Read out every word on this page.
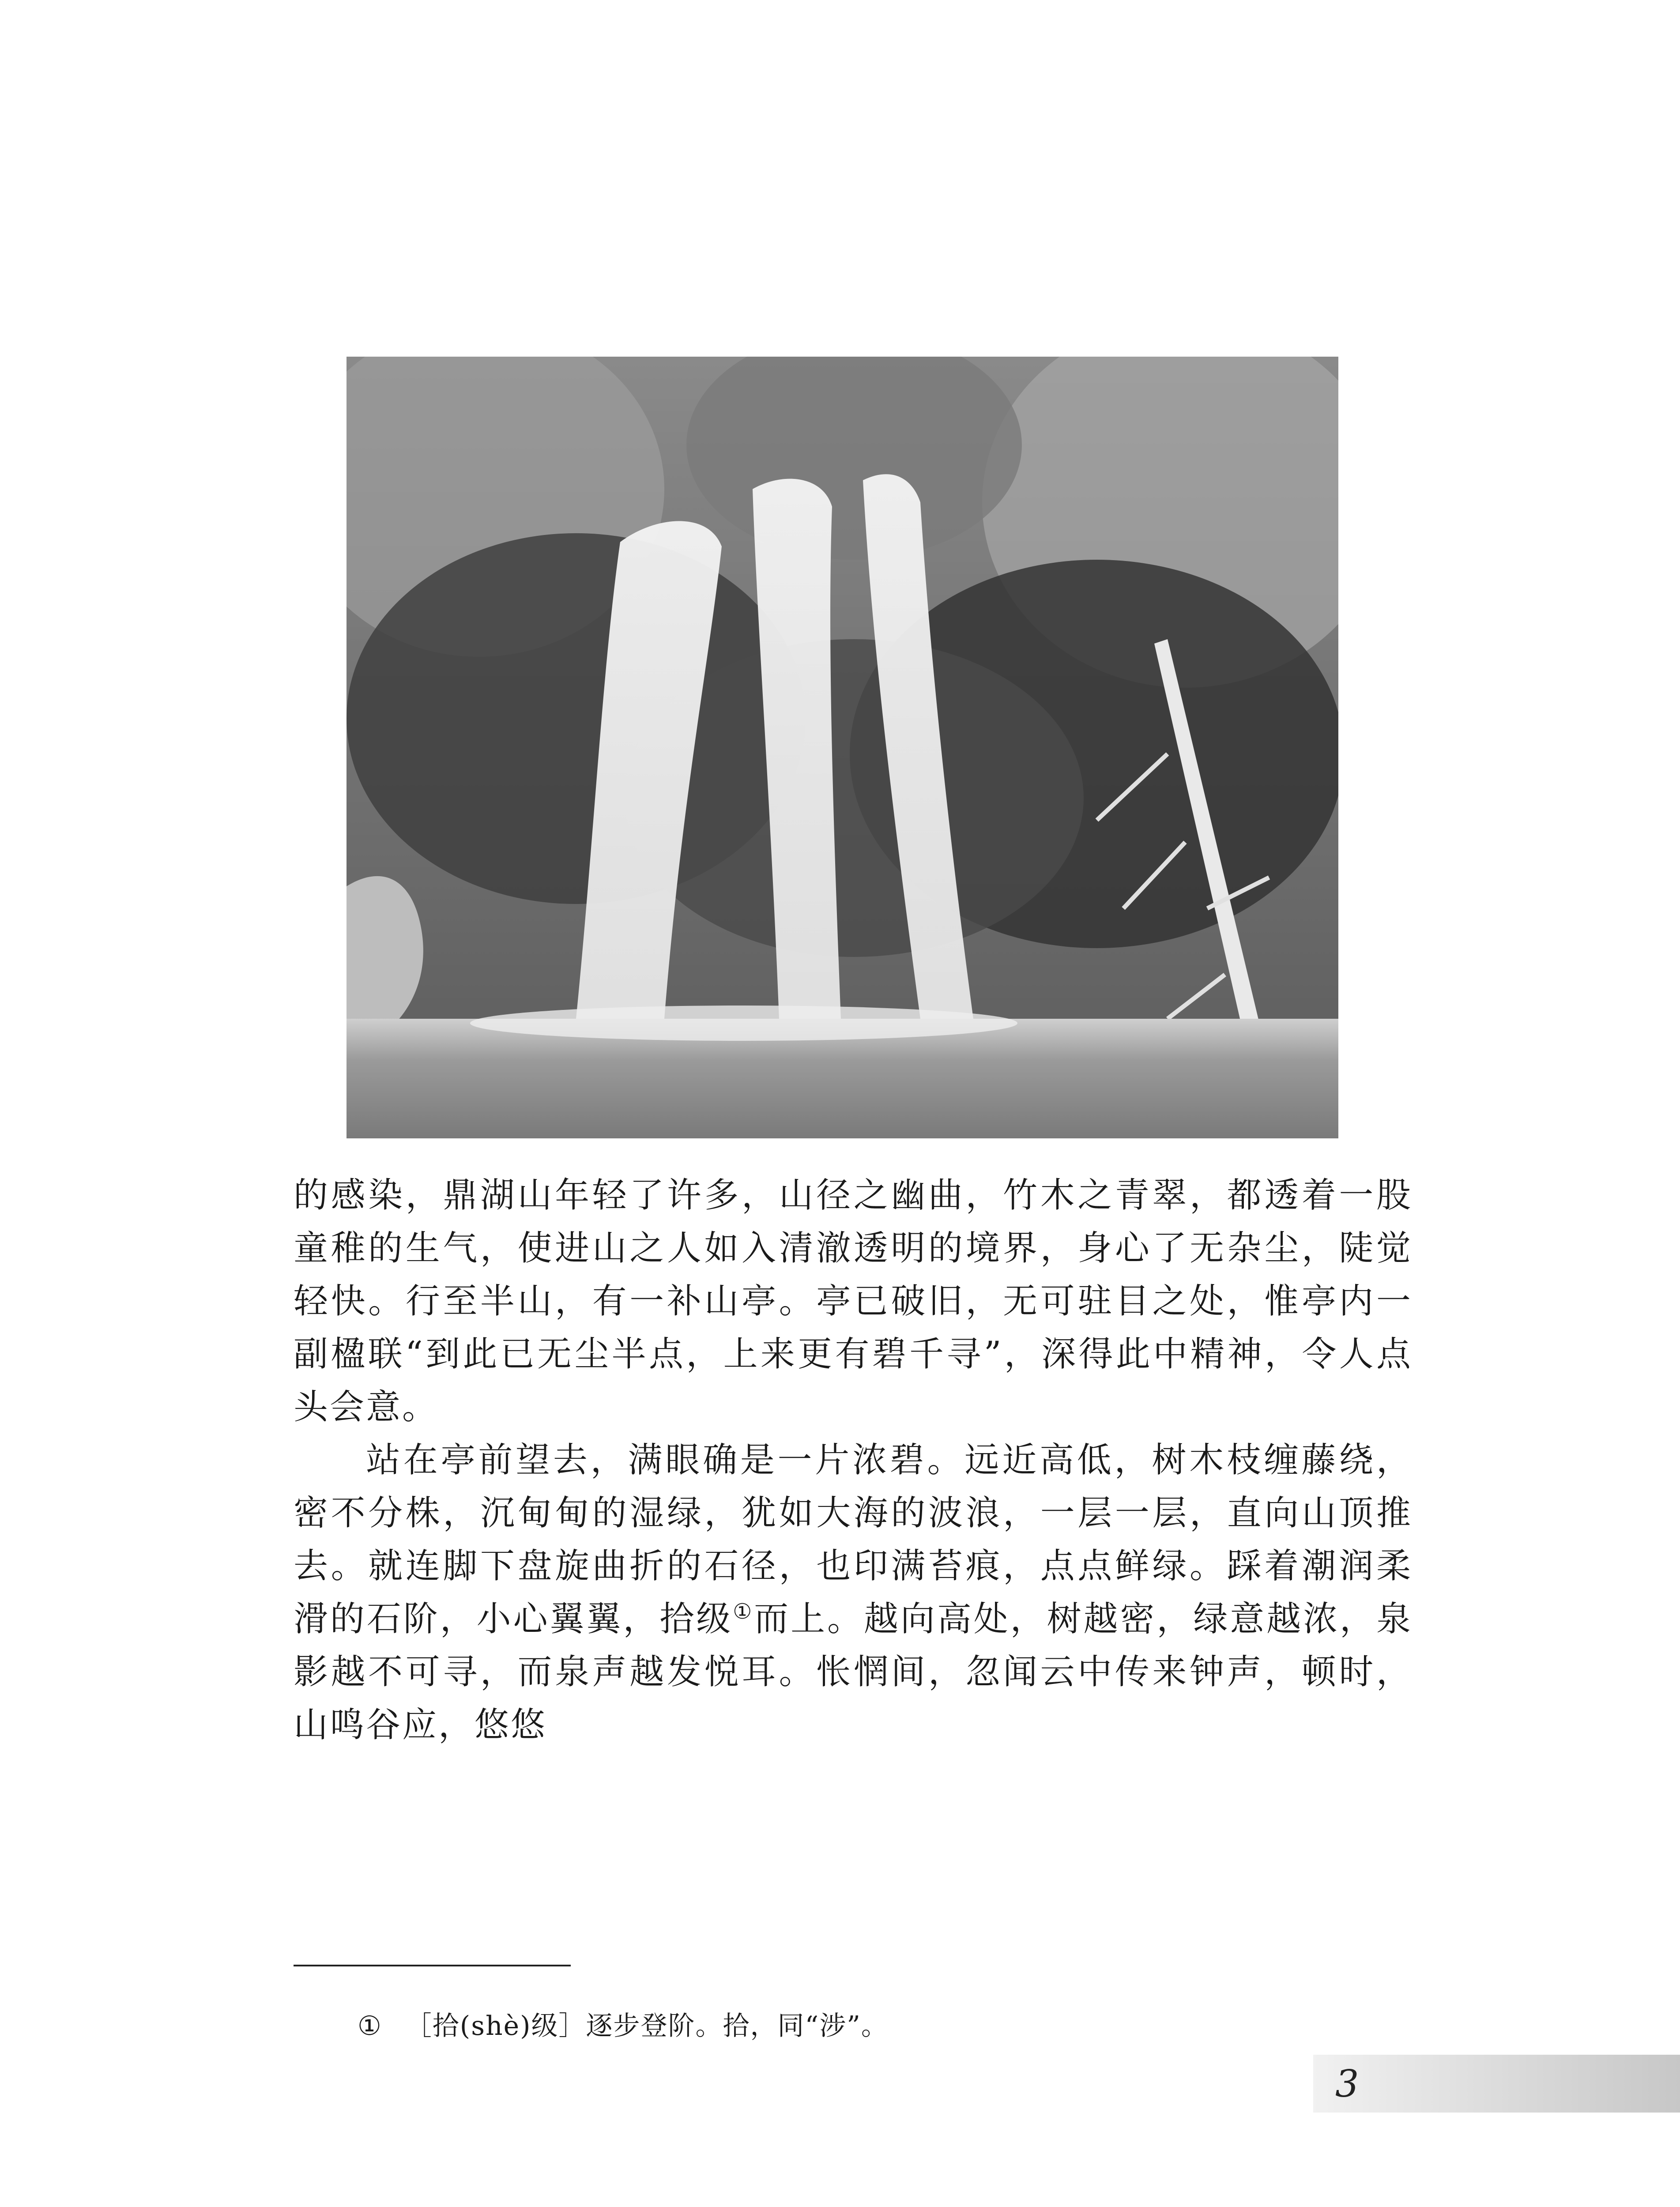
的感染，鼎湖山年轻了许多，山径之幽曲，竹木之青翠，都透着一股童稚的生气，使进山之人如入清澈透明的境界，身心了无杂尘，陡觉轻快。行至半山，有一补山亭。亭已破旧，无可驻目之处，惟亭内一副楹联“到此已无尘半点，上来更有碧千寻”，深得此中精神，令人点头会意。

站在亭前望去，满眼确是一片浓碧。远近高低，树木枝缠藤绕，密不分株，沉甸甸的湿绿，犹如大海的波浪，一层一层，直向山顶推去。就连脚下盘旋曲折的石径，也印满苔痕，点点鲜绿。踩着潮润柔滑的石阶，小心翼翼，拾级①而上。越向高处，树越密，绿意越浓，泉影越不可寻，而泉声越发悦耳。怅惘间，忽闻云中传来钟声，顿时，山鸣谷应，悠悠

① ［拾(shè)级］逐步登阶。拾，同“涉”。
3
